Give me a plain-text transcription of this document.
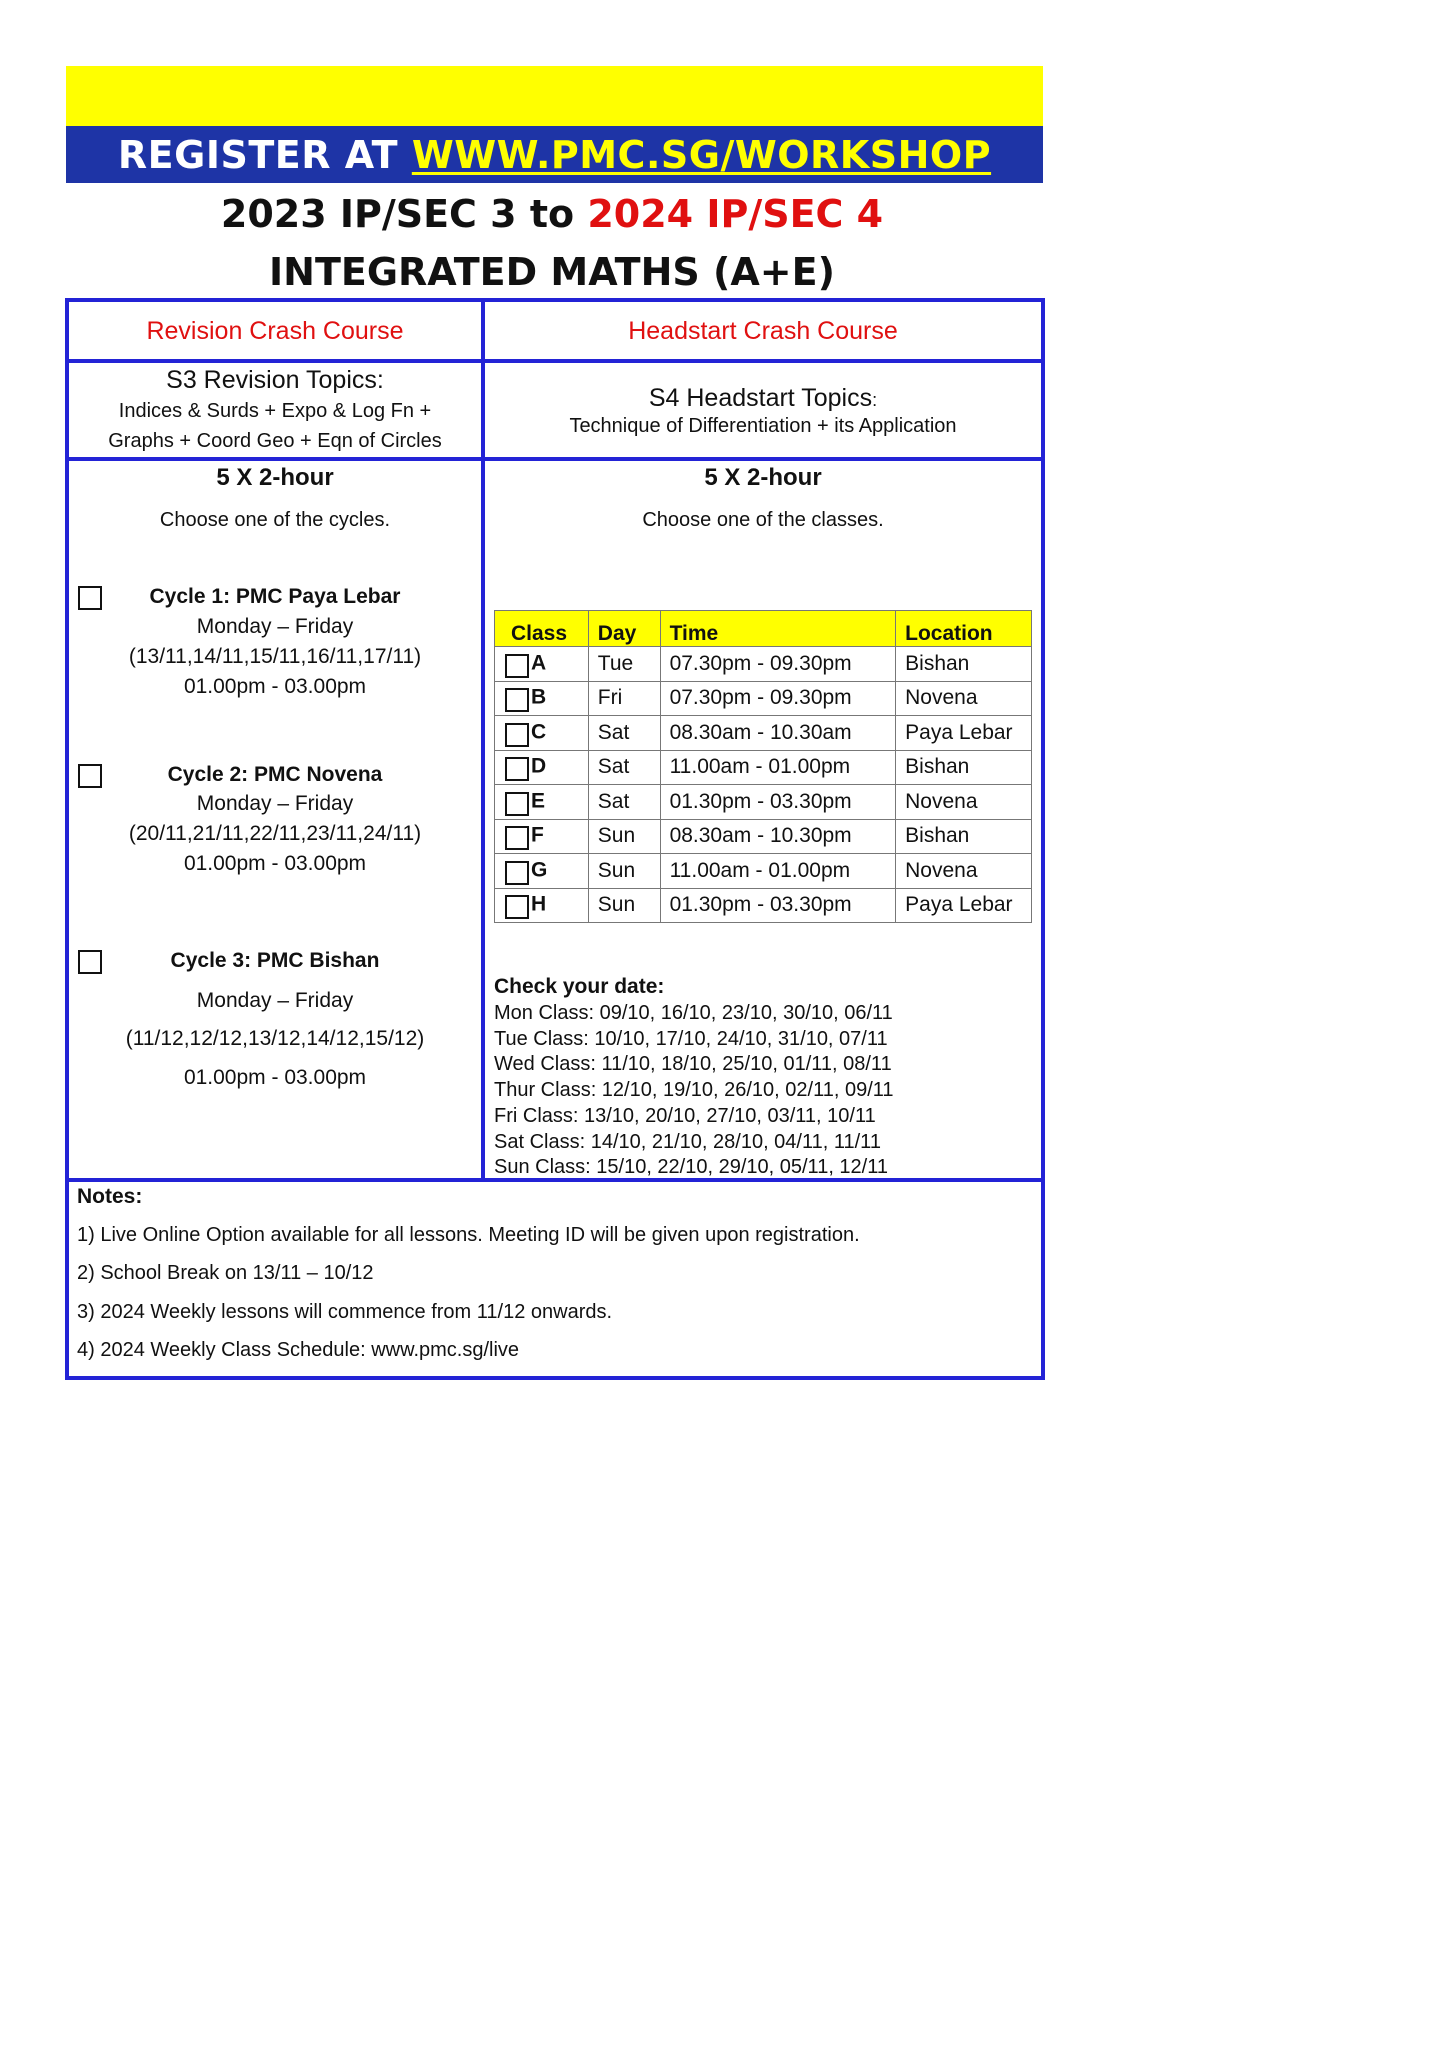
REGISTER AT WWW.PMC.SG/WORKSHOP
2023 IP/SEC 3 to 2024 IP/SEC 4
INTEGRATED MATHS (A+E)
Revision Crash Course	Headstart Crash Course
S3 Revision Topics:
Indices & Surds + Expo & Log Fn +
Graphs + Coord Geo + Eqn of Circles
S4 Headstart Topics:
Technique of Differentiation + its Application
5 X 2-hour
Choose one of the cycles.
5 X 2-hour
Choose one of the classes.
Cycle 1: PMC Paya Lebar
Monday – Friday
(13/11,14/11,15/11,16/11,17/11)
01.00pm - 03.00pm
Cycle 2: PMC Novena
Monday – Friday
(20/11,21/11,22/11,23/11,24/11)
01.00pm - 03.00pm
Cycle 3: PMC Bishan
Monday – Friday
(11/12,12/12,13/12,14/12,15/12)
01.00pm - 03.00pm
Class	Day	Time	Location
A	Tue	07.30pm - 09.30pm	Bishan
B	Fri	07.30pm - 09.30pm	Novena
C	Sat	08.30am - 10.30am	Paya Lebar
D	Sat	11.00am - 01.00pm	Bishan
E	Sat	01.30pm - 03.30pm	Novena
F	Sun	08.30am - 10.30pm	Bishan
G	Sun	11.00am - 01.00pm	Novena
H	Sun	01.30pm - 03.30pm	Paya Lebar
Check your date:
Mon Class: 09/10, 16/10, 23/10, 30/10, 06/11
Tue Class: 10/10, 17/10, 24/10, 31/10, 07/11
Wed Class: 11/10, 18/10, 25/10, 01/11, 08/11
Thur Class: 12/10, 19/10, 26/10, 02/11, 09/11
Fri Class: 13/10, 20/10, 27/10, 03/11, 10/11
Sat Class: 14/10, 21/10, 28/10, 04/11, 11/11
Sun Class: 15/10, 22/10, 29/10, 05/11, 12/11
Notes:
1) Live Online Option available for all lessons. Meeting ID will be given upon registration.
2) School Break on 13/11 – 10/12
3) 2024 Weekly lessons will commence from 11/12 onwards.
4) 2024 Weekly Class Schedule: www.pmc.sg/live
